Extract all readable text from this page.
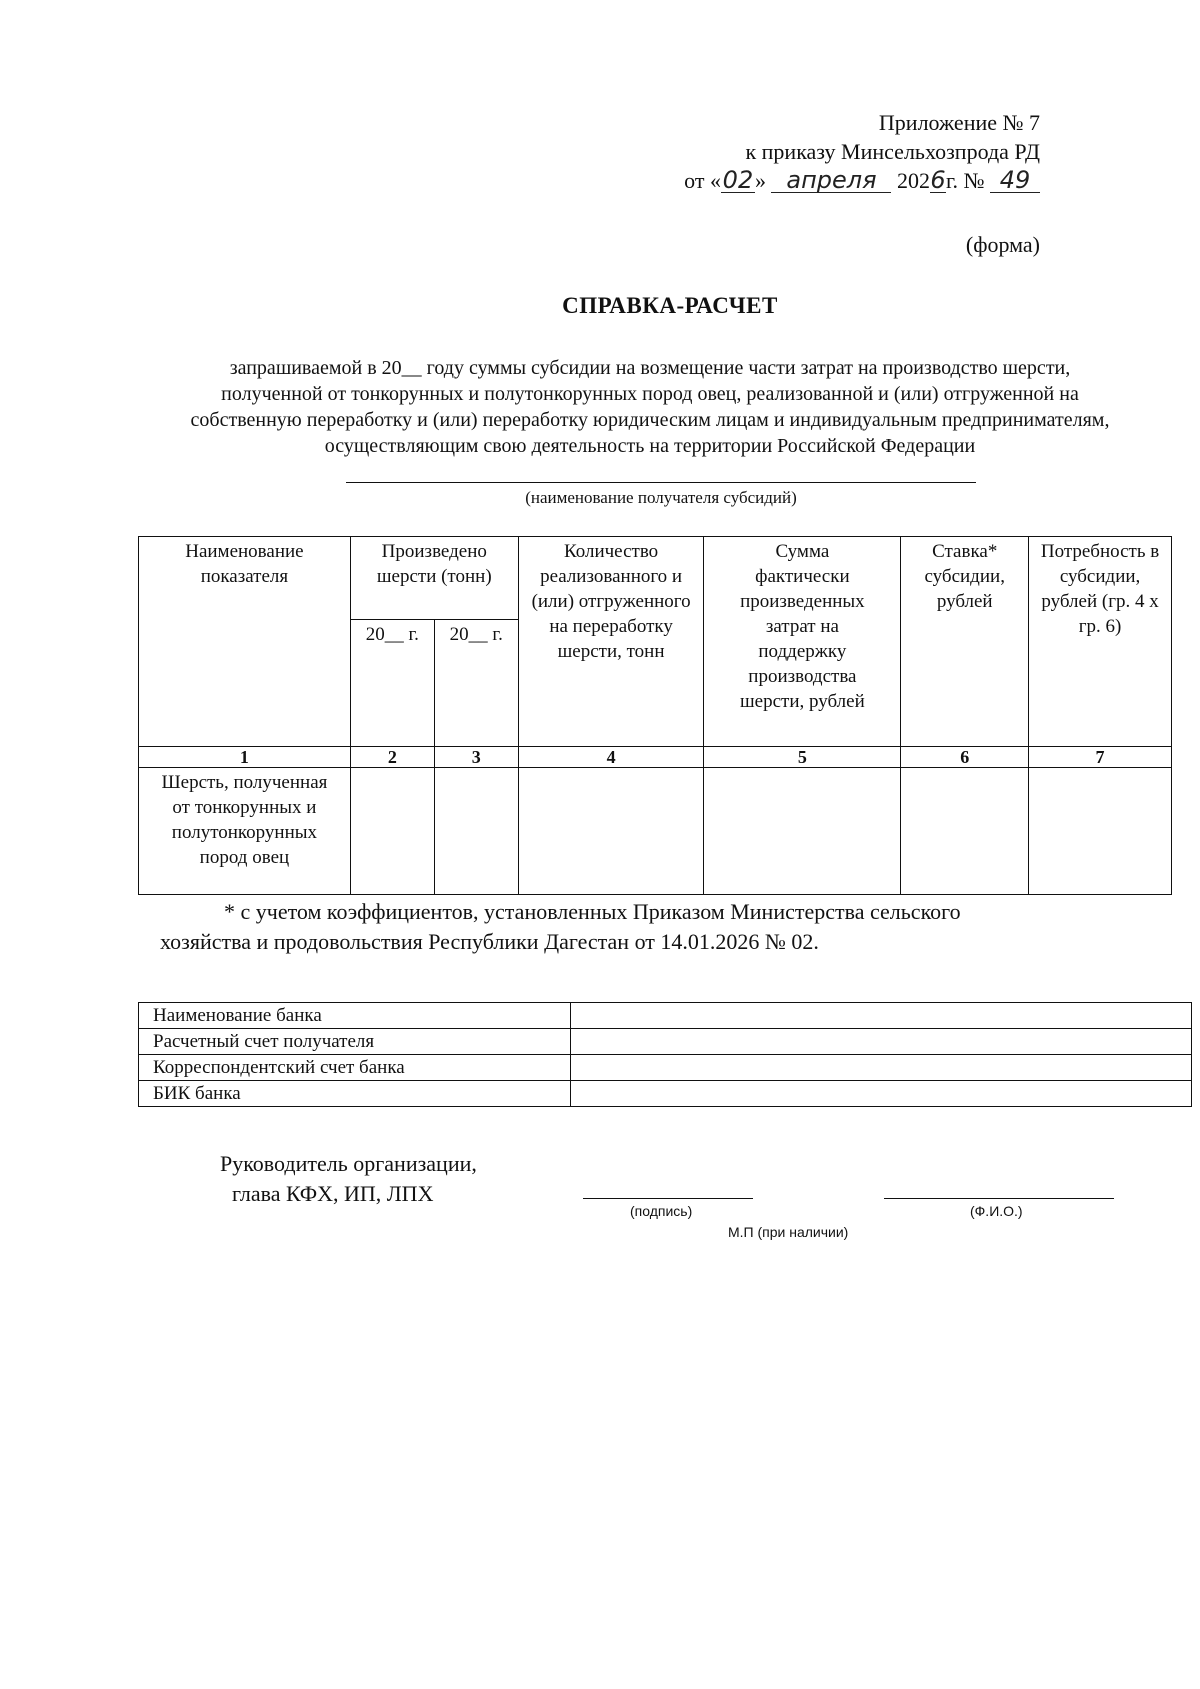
Приложение № 7
к приказу Минсельхозпрода РД
от «02» апреля 2026г. № 49
(форма)
СПРАВКА-РАСЧЕТ
запрашиваемой в 20__ году суммы субсидии на возмещение части затрат на производство шерсти, полученной от тонкорунных и полутонкорунных пород овец, реализованной и (или) отгруженной на собственную переработку и (или) переработку юридическим лицам и индивидуальным предпринимателям, осуществляющим свою деятельность на территории Российской Федерации
(наименование получателя субсидий)
Наименование показателя	Произведено шерсти (тонн)		Количество реализованного и (или) отгруженного на переработку шерсти, тонн	Сумма фактически произведенных затрат на поддержку производства шерсти, рублей	Ставка* субсидии, рублей	Потребность в субсидии, рублей (гр. 4 х гр. 6)
	20__ г.	20__ г.				
1	2	3	4	5	6	7
Шерсть, полученная от тонкорунных и полутонкорунных пород овец						
* с учетом коэффициентов, установленных Приказом Министерства сельского
хозяйства и продовольствия Республики Дагестан от 14.01.2026 № 02.
Наименование банка	
Расчетный счет получателя	
Корреспондентский счет банка	
БИК банка	
Руководитель организации,
глава КФХ, ИП, ЛПХ
(подпись)	(Ф.И.О.)
М.П (при наличии)
